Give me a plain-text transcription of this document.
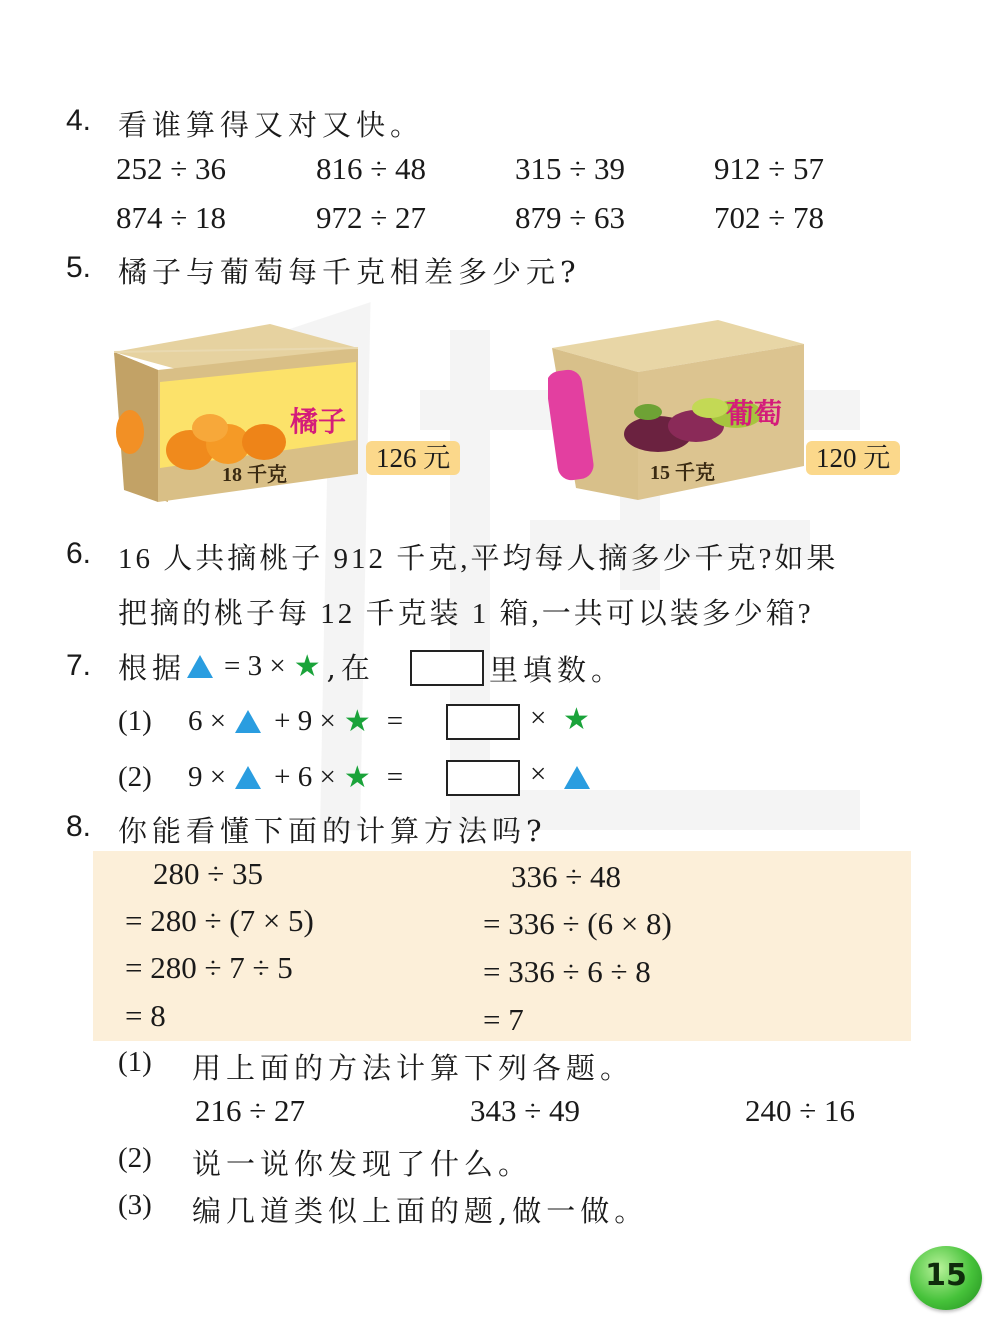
4. 看谁算得又对又快。
252 ÷ 36	816 ÷ 48	315 ÷ 39	912 ÷ 57
874 ÷ 18	972 ÷ 27	879 ÷ 63	702 ÷ 78
5. 橘子与葡萄每千克相差多少元?
橘子
18 千克
126 元
葡萄
15 千克	120 元
6. 16 人共摘桃子 912 千克,平均每人摘多少千克?如果
把摘的桃子每 12 千克装 1 箱,一共可以装多少箱?
7. 根据 = 3 × ★ ,在	里填数。
(1)	6 × + 9 × ★ =	× ★
(2)	9 × + 6 × ★ =	×
8. 你能看懂下面的计算方法吗?
280 ÷ 35
= 280 ÷ (7 × 5)
= 280 ÷ 7 ÷ 5
= 8
336 ÷ 48
= 336 ÷ (6 × 8)
= 336 ÷ 6 ÷ 8
= 7
(1) 用上面的方法计算下列各题。
216 ÷ 27	343 ÷ 49	240 ÷ 16
(2) 说一说你发现了什么。
(3) 编几道类似上面的题,做一做。
15
